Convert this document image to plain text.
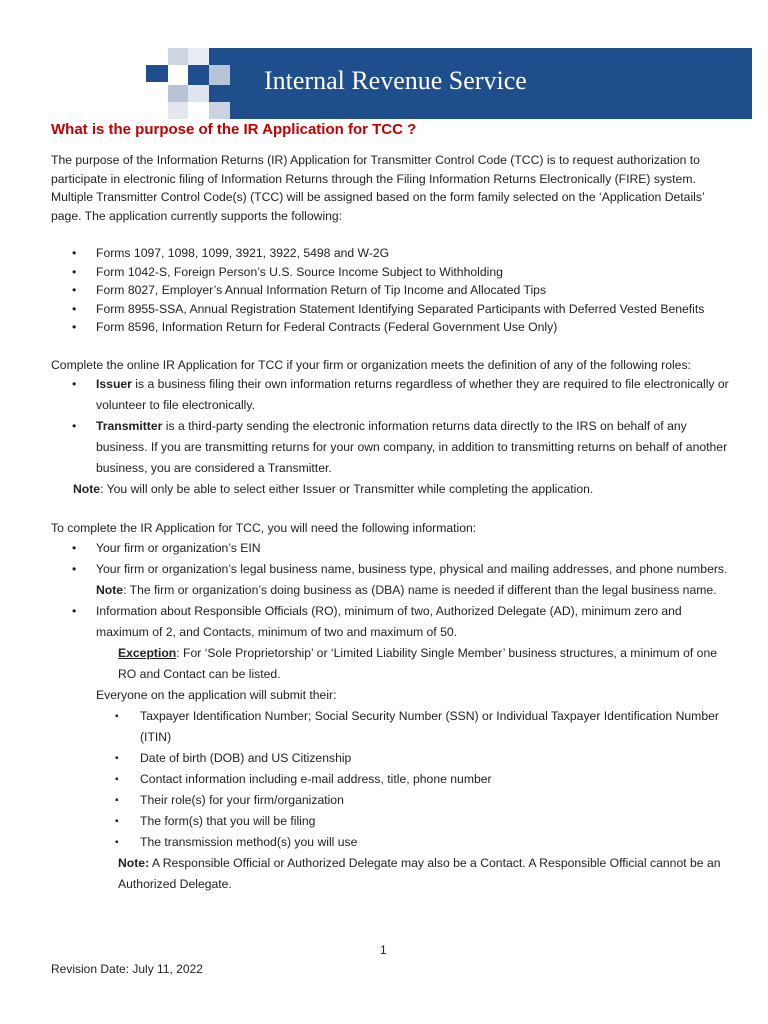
Internal Revenue Service
What is the purpose of the IR Application for TCC ?

The purpose of the Information Returns (IR) Application for Transmitter Control Code (TCC) is to request authorization to participate in electronic filing of Information Returns through the Filing Information Returns Electronically (FIRE) system. Multiple Transmitter Control Code(s) (TCC) will be assigned based on the form family selected on the ‘Application Details’ page. The application currently supports the following:

• Forms 1097, 1098, 1099, 3921, 3922, 5498 and W-2G
• Form 1042-S, Foreign Person’s U.S. Source Income Subject to Withholding
• Form 8027, Employer’s Annual Information Return of Tip Income and Allocated Tips
• Form 8955-SSA, Annual Registration Statement Identifying Separated Participants with Deferred Vested Benefits
• Form 8596, Information Return for Federal Contracts (Federal Government Use Only)

Complete the online IR Application for TCC if your firm or organization meets the definition of any of the following roles:

• Issuer is a business filing their own information returns regardless of whether they are required to file electronically or volunteer to file electronically.
• Transmitter is a third-party sending the electronic information returns data directly to the IRS on behalf of any business. If you are transmitting returns for your own company, in addition to transmitting returns on behalf of another business, you are considered a Transmitter.

Note: You will only be able to select either Issuer or Transmitter while completing the application.

To complete the IR Application for TCC, you will need the following information:

• Your firm or organization’s EIN
• Your firm or organization’s legal business name, business type, physical and mailing addresses, and phone numbers.

Note: The firm or organization’s doing business as (DBA) name is needed if different than the legal business name.

• Information about Responsible Officials (RO), minimum of two, Authorized Delegate (AD), minimum zero and maximum of 2, and Contacts, minimum of two and maximum of 50.

Exception: For ‘Sole Proprietorship’ or ‘Limited Liability Single Member’ business structures, a minimum of one RO and Contact can be listed.

Everyone on the application will submit their:

▪ Taxpayer Identification Number; Social Security Number (SSN) or Individual Taxpayer Identification Number (ITIN)
▪ Date of birth (DOB) and US Citizenship
▪ Contact information including e-mail address, title, phone number
▪ Their role(s) for your firm/organization
▪ The form(s) that you will be filing
▪ The transmission method(s) you will use

Note: A Responsible Official or Authorized Delegate may also be a Contact. A Responsible Official cannot be an Authorized Delegate.

1
Revision Date: July 11, 2022
